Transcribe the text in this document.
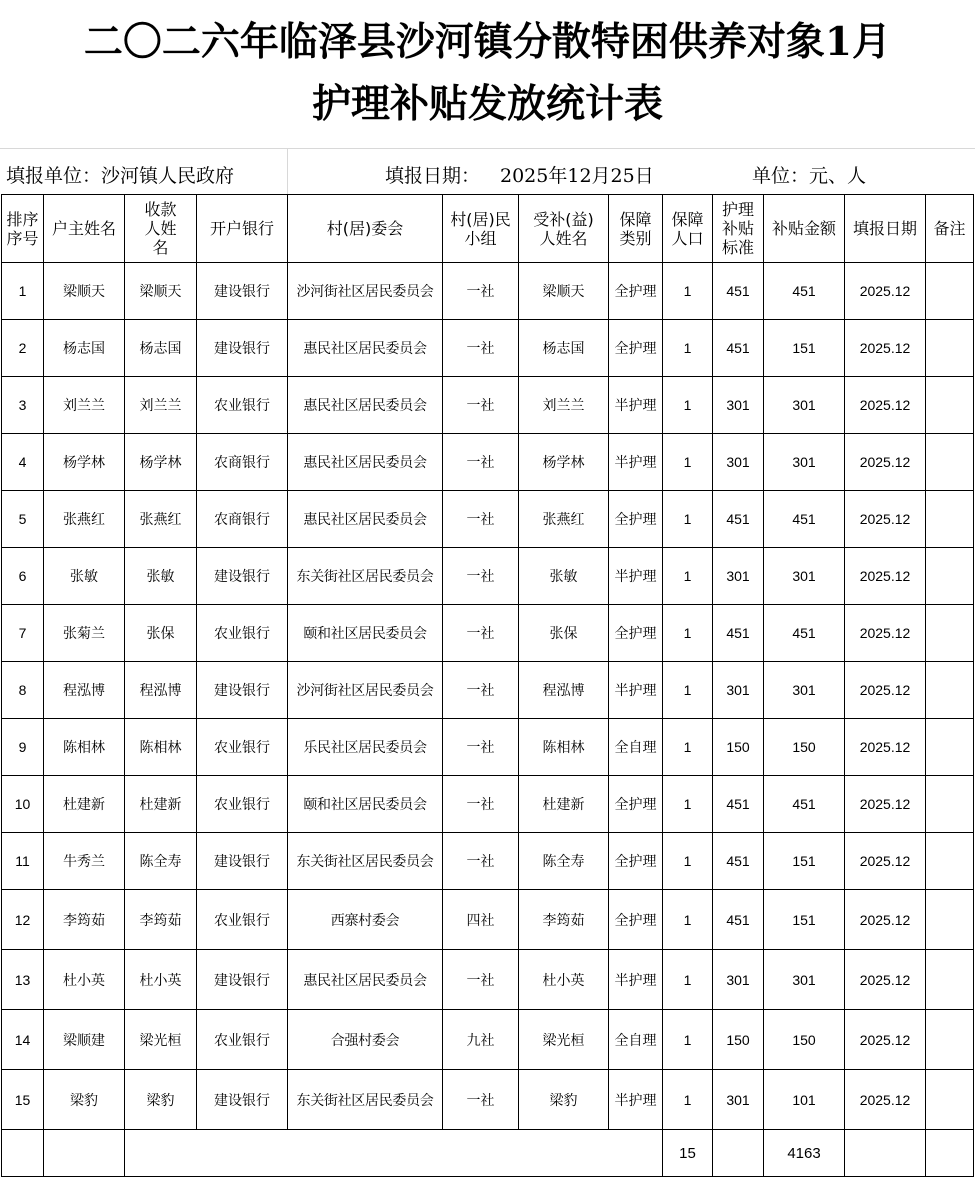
二〇二六年临泽县沙河镇分散特困供养对象1月
护理补贴发放统计表
填报单位：沙河镇人民政府	填报日期： 2025年12月25日	单位：元、人
排序序号	户主姓名	收款人姓名	开户银行	村(居)委会	村(居)民小组	受补(益)人姓名	保障类别	保障人口	护理补贴标准	补贴金额	填报日期	备注
1	梁顺天	梁顺天	建设银行	沙河街社区居民委员会	一社	梁顺天	全护理	1	451	451	2025.12	
2	杨志国	杨志国	建设银行	惠民社区居民委员会	一社	杨志国	全护理	1	451	151	2025.12	
3	刘兰兰	刘兰兰	农业银行	惠民社区居民委员会	一社	刘兰兰	半护理	1	301	301	2025.12	
4	杨学林	杨学林	农商银行	惠民社区居民委员会	一社	杨学林	半护理	1	301	301	2025.12	
5	张燕红	张燕红	农商银行	惠民社区居民委员会	一社	张燕红	全护理	1	451	451	2025.12	
6	张敏	张敏	建设银行	东关街社区居民委员会	一社	张敏	半护理	1	301	301	2025.12	
7	张菊兰	张保	农业银行	颐和社区居民委员会	一社	张保	全护理	1	451	451	2025.12	
8	程泓博	程泓博	建设银行	沙河街社区居民委员会	一社	程泓博	半护理	1	301	301	2025.12	
9	陈相林	陈相林	农业银行	乐民社区居民委员会	一社	陈相林	全自理	1	150	150	2025.12	
10	杜建新	杜建新	农业银行	颐和社区居民委员会	一社	杜建新	全护理	1	451	451	2025.12	
11	牛秀兰	陈全寿	建设银行	东关街社区居民委员会	一社	陈全寿	全护理	1	451	151	2025.12	
12	李筠茹	李筠茹	农业银行	西寨村委会	四社	李筠茹	全护理	1	451	151	2025.12	
13	杜小英	杜小英	建设银行	惠民社区居民委员会	一社	杜小英	半护理	1	301	301	2025.12	
14	梁顺建	梁光桓	农业银行	合强村委会	九社	梁光桓	全自理	1	150	150	2025.12	
15	梁豹	梁豹	建设银行	东关街社区居民委员会	一社	梁豹	半护理	1	301	101	2025.12	
								15		4163		
